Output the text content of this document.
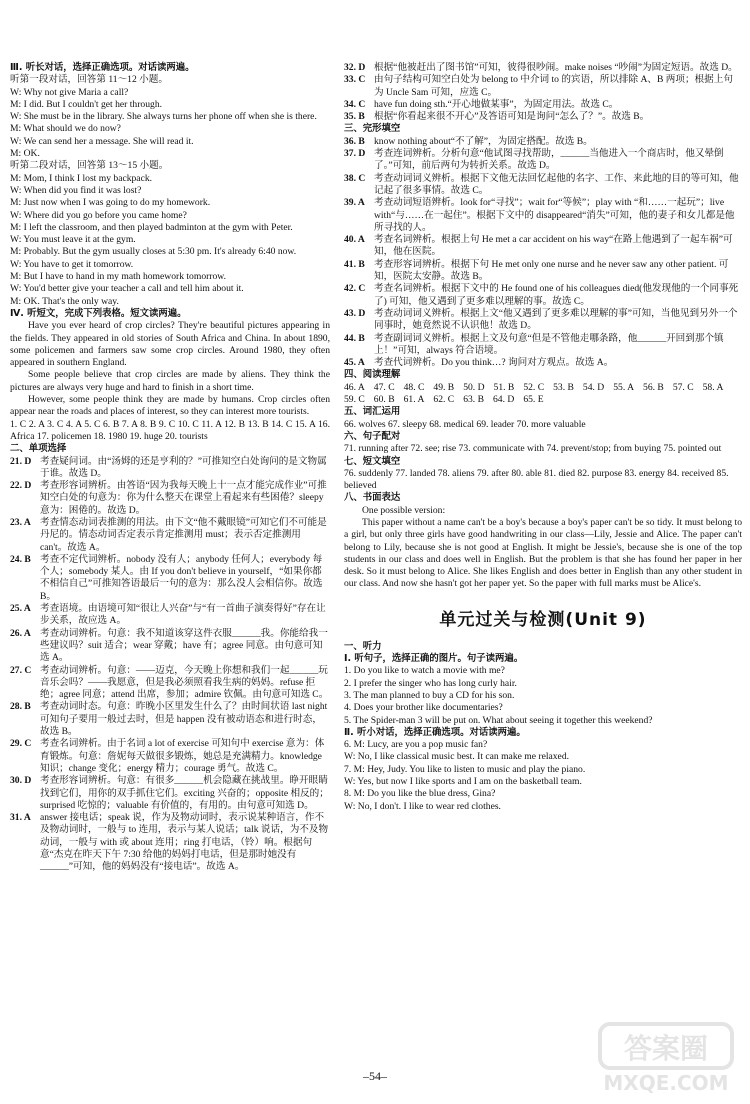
Ⅲ. 听长对话，选择正确选项。对话读两遍。

听第一段对话，回答第 11～12 小题。

W: Why not give Maria a call?

M: I did. But I couldn't get her through.

W: She must be in the library. She always turns her phone off when she is there.

M: What should we do now?

W: We can send her a message. She will read it.

M: OK.

听第二段对话，回答第 13～15 小题。

M: Mom, I think I lost my backpack.

W: When did you find it was lost?

M: Just now when I was going to do my homework.

W: Where did you go before you came home?

M: I left the classroom, and then played badminton at the gym with Peter.

W: You must leave it at the gym.

M: Probably. But the gym usually closes at 5:30 pm. It's already 6:40 now.

W: You have to get it tomorrow.

M: But I have to hand in my math homework tomorrow.

W: You'd better give your teacher a call and tell him about it.

M: OK. That's the only way.

Ⅳ. 听短文，完成下列表格。短文读两遍。

Have you ever heard of crop circles? They're beautiful pictures appearing in the fields. They appeared in old stories of South Africa and China. In about 1890, some policemen and farmers saw some crop circles. Around 1980, they often appeared in southern England.

Some people believe that crop circles are made by aliens. They think the pictures are always very huge and hard to finish in a short time.

However, some people think they are made by humans. Crop circles often appear near the roads and places of interest, so they can interest more tourists.

1. C 2. A 3. C 4. A 5. C 6. B 7. A 8. B 9. C 10. C 11. A 12. B 13. B 14. C 15. A 16. Africa 17. policemen 18. 1980 19. huge 20. tourists

二、单项选择

21. D 考查疑问词。由“汤姆的还是亨利的？”可推知空白处询问的是文物属于谁。故选 D。
22. D 考查形容词辨析。由答语“因为我每天晚上十一点才能完成作业”可推知空白处的句意为：你为什么整天在课堂上看起来有些困倦？sleepy 意为：困倦的。故选 D。
23. A 考查情态动词表推测的用法。由下文“他不戴眼镜”可知它们不可能是丹尼的。情态动词否定表示肯定推测用 must；表示否定推测用 can't。故选 A。
24. B 考查不定代词辨析。nobody 没有人；anybody 任何人；everybody 每个人；somebody 某人。由 If you don't believe in yourself，“如果你都不相信自己”可推知答语最后一句的意为：那么没人会相信你。故选 B。
25. A 考查语境。由语境可知“很让人兴奋”与“有一首曲子演奏得好”存在让步关系，故应选 A。
26. A 考查动词辨析。句意：我不知道该穿这件衣服______我。你能给我一些建议吗？suit 适合；wear 穿戴；have 有；agree 同意。由句意可知选 A。
27. C 考查动词辨析。句意：——迈克，今天晚上你想和我们一起______玩音乐会吗？——我愿意，但是我必须照看我生病的妈妈。refuse 拒绝；agree 同意；attend 出席，参加；admire 钦佩。由句意可知选 C。
28. B 考查动词时态。句意：昨晚小区里发生什么了？由时间状语 last night 可知句子要用一般过去时，但是 happen 没有被动语态和进行时态，故选 B。
29. C 考查名词辨析。由于名词 a lot of exercise 可知句中 exercise 意为：体育锻炼。句意：詹妮每天做很多锻炼，她总是充满精力。knowledge 知识；change 变化；energy 精力；courage 勇气。故选 C。
30. D 考查形容词辨析。句意：有很多______机会隐藏在挑战里。睁开眼睛找到它们，用你的双手抓住它们。exciting 兴奋的；opposite 相反的；surprised 吃惊的；valuable 有价值的，有用的。由句意可知选 D。
31. A answer 接电话；speak 说，作为及物动词时，表示说某种语言，作不及物动词时，一般与 to 连用，表示与某人说话；talk 说话，为不及物动词，一般与 with 或 about 连用；ring 打电话，（铃）响。根据句意“杰克在昨天下午 7:30 给他的妈妈打电话，但是那时她没有______”可知，他的妈妈没有“接电话”。故选 A。
32. D 根据“他被赶出了图书馆”可知，彼得很吵闹。make noises “吵闹”为固定短语。故选 D。
33. C 由句子结构可知空白处为 belong to 中介词 to 的宾语，所以排除 A、B 两项；根据上句为 Uncle Sam 可知，应选 C。
34. C have fun doing sth.“开心地做某事”，为固定用法。故选 C。
35. B 根据“你看起来很不开心”及答语可知是询问“怎么了？”。故选 B。

三、完形填空

36. B know nothing about“不了解”，为固定搭配。故选 B。
37. D 考查连词辨析。分析句意“他试图寻找帮助，______当他进入一个商店时，他又晕倒了。”可知，前后两句为转折关系。故选 D。
38. C 考查动词词义辨析。根据下文他无法回忆起他的名字、工作、来此地的目的等可知，他记起了很多事情。故选 C。
39. A 考查动词短语辨析。look for“寻找”；wait for“等候”；play with “和……一起玩”；live with“与……在一起住”。根据下文中的 disappeared“消失”可知，他的妻子和女儿都是他所寻找的人。
40. A 考查名词辨析。根据上句 He met a car accident on his way“在路上他遇到了一起车祸”可知，他在医院。
41. B 考查形容词辨析。根据下句 He met only one nurse and he never saw any other patient. 可知，医院太安静。故选 B。
42. C 考查名词辨析。根据下文中的 He found one of his colleagues died(他发现他的一个同事死了) 可知，他又遇到了更多难以理解的事。故选 C。
43. D 考查动词词义辨析。根据上文“他又遇到了更多难以理解的事”可知，当他见到另外一个同事时，她竟然说不认识他！故选 D。
44. B 考查副词词义辨析。根据上文及句意“但是不管他走哪条路，他______开回到那个镇上！”可知，always 符合语境。
45. A 考查代词辨析。Do you think…? 询问对方观点。故选 A。

四、阅读理解

46. A 47. C 48. C 49. B 50. D 51. B 52. C 53. B 54. D 55. A 56. B 57. C 58. A
59. C 60. B 61. A 62. C 63. B 64. D 65. E

五、词汇运用

66. wolves 67. sleepy 68. medical 69. leader 70. more valuable

六、句子配对

71. running after 72. see; rise 73. communicate with 74. prevent/stop; from buying 75. pointed out

七、短文填空

76. suddenly 77. landed 78. aliens 79. after 80. able 81. died 82. purpose 83. energy 84. received 85. believed

八、书面表达

One possible version:

This paper without a name can't be a boy's because a boy's paper can't be so tidy. It must belong to a girl, but only three girls have good handwriting in our class—Lily, Jessie and Alice. The paper can't belong to Lily, because she is not good at English. It might be Jessie's, because she is one of the top students in our class and does well in English. But the problem is that she has found her paper in her desk. So it must belong to Alice. She likes English and does better in English than any other student in our class. And now she hasn't got her paper yet. So the paper with full marks must be Alice's.

单元过关与检测(Unit 9)

一、听力

Ⅰ. 听句子，选择正确的图片。句子读两遍。

1. Do you like to watch a movie with me?

2. I prefer the singer who has long curly hair.

3. The man planned to buy a CD for his son.

4. Does your brother like documentaries?

5. The Spider-man 3 will be put on. What about seeing it together this weekend?

Ⅱ. 听小对话，选择正确选项。对话读两遍。

6. M: Lucy, are you a pop music fan?

W: No, I like classical music best. It can make me relaxed.

7. M: Hey, Judy. You like to listen to music and play the piano.

W: Yes, but now I like sports and I am on the basketball team.

8. M: Do you like the blue dress, Gina?

W: No, I don't. I like to wear red clothes.

–54–
答案圈
MXQE.COM
